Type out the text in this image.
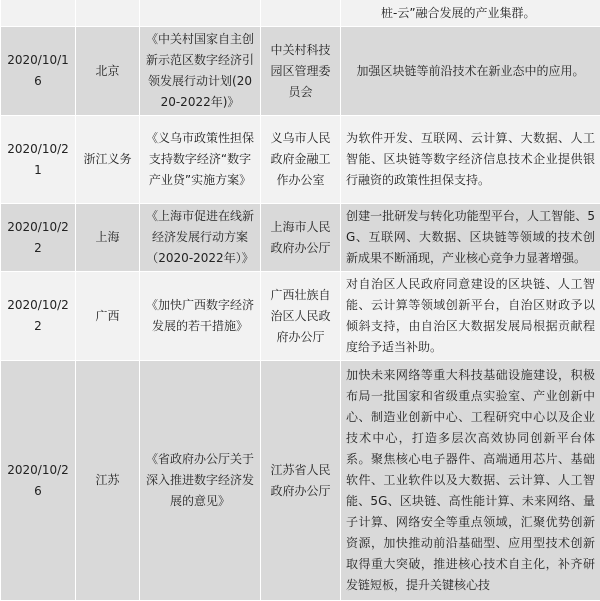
				桩-云”融合发展的产业集群。
2020/10/16	北京	《中关村国家自主创新示范区数字经济引领发展行动计划(2020-2022年)》	中关村科技园区管理委员会	加强区块链等前沿技术在新业态中的应用。
2020/10/21	浙江义务	《义乌市政策性担保支持数字经济“数字产业贷”实施方案》	义乌市人民政府金融工作办公室	为软件开发、互联网、云计算、大数据、人工智能、区块链等数字经济信息技术企业提供银行融资的政策性担保支持。
2020/10/22	上海	《上海市促进在线新经济发展行动方案（2020-2022年）》	上海市人民政府办公厅	创建一批研发与转化功能型平台，人工智能、5G、互联网、大数据、区块链等领域的技术创新成果不断涌现，产业核心竞争力显著增强。
2020/10/22	广西	《加快广西数字经济发展的若干措施》	广西壮族自治区人民政府办公厅	对自治区人民政府同意建设的区块链、人工智能、云计算等领域创新平台，自治区财政予以倾斜支持，由自治区大数据发展局根据贡献程度给予适当补助。
2020/10/26	江苏	《省政府办公厅关于深入推进数字经济发展的意见》	江苏省人民政府办公厅	加快未来网络等重大科技基础设施建设，积极布局一批国家和省级重点实验室、产业创新中心、制造业创新中心、工程研究中心以及企业技术中心，打造多层次高效协同创新平台体系。聚焦核心电子器件、高端通用芯片、基础软件、工业软件以及大数据、云计算、人工智能、5G、区块链、高性能计算、未来网络、量子计算、网络安全等重点领域，汇聚优势创新资源，加快推动前沿基础型、应用型技术创新取得重大突破，推进核心技术自主化，补齐研发链短板，提升关键核心技
